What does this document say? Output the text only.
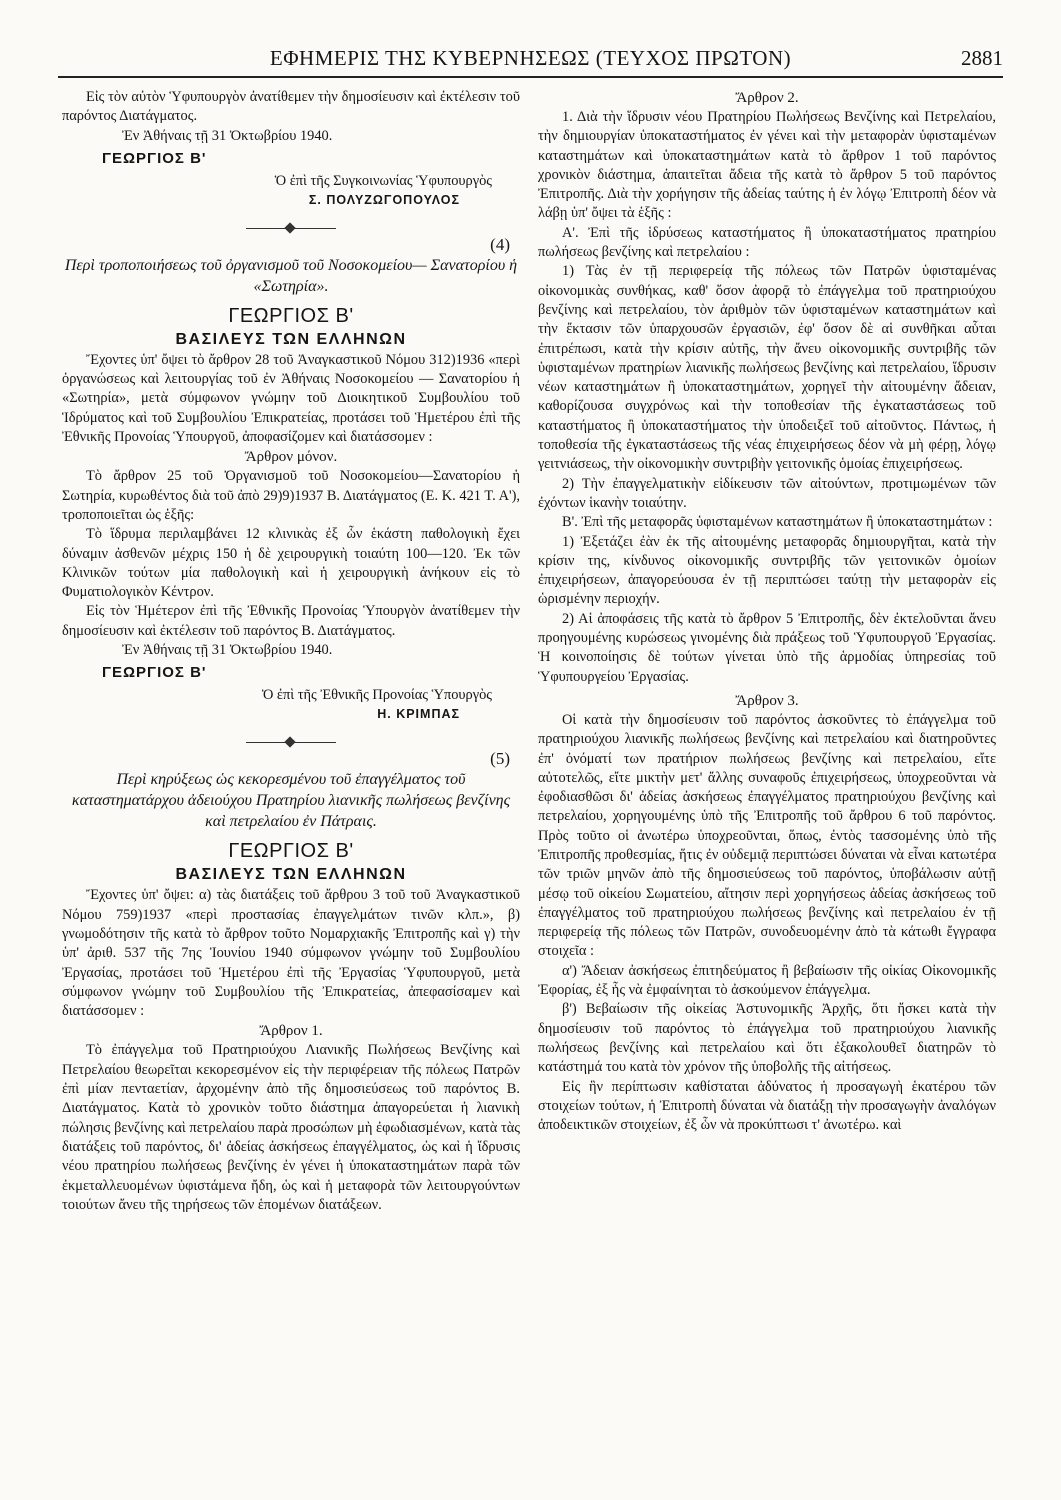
ΕΦΗΜΕΡΙΣ ΤΗΣ ΚΥΒΕΡΝΗΣΕΩΣ (ΤΕΥΧΟΣ ΠΡΩΤΟΝ)	2881

Εἰς τὸν αὐτὸν Ὑφυπουργὸν ἀνατίθεμεν τὴν δημοσίευσιν καὶ ἐκτέλεσιν τοῦ παρόντος Διατάγματος.

Ἐν Ἀθήναις τῇ 31 Ὀκτωβρίου 1940.

ΓΕΩΡΓΙΟΣ Β'
Ὁ ἐπὶ τῆς Συγκοινωνίας Ὑφυπουργὸς
Σ. ΠΟΛΥΖΩΓΟΠΟΥΛΟΣ
(4)
Περὶ τροποποιήσεως τοῦ ὀργανισμοῦ τοῦ Νοσοκομείου— Σανατορίου ἡ «Σωτηρία».
ΓΕΩΡΓΙΟΣ Β'
ΒΑΣΙΛΕΥΣ ΤΩΝ ΕΛΛΗΝΩΝ

Ἔχοντες ὑπ' ὄψει τὸ ἄρθρον 28 τοῦ Ἀναγκαστικοῦ Νόμου 312)1936 «περὶ ὀργανώσεως καὶ λειτουργίας τοῦ ἐν Ἀθήναις Νοσοκομείου — Σανατορίου ἡ «Σωτηρία», μετὰ σύμφωνον γνώμην τοῦ Διοικητικοῦ Συμβουλίου τοῦ Ἱδρύματος καὶ τοῦ Συμβουλίου Ἐπικρατείας, προτάσει τοῦ Ἡμετέρου ἐπὶ τῆς Ἐθνικῆς Προνοίας Ὑπουργοῦ, ἀποφασίζομεν καὶ διατάσσομεν :

Ἄρθρον μόνον.

Τὸ ἄρθρον 25 τοῦ Ὀργανισμοῦ τοῦ Νοσοκομείου—Σανατορίου ἡ Σωτηρία, κυρωθέντος διὰ τοῦ ἀπὸ 29)9)1937 Β. Διατάγματος (Ε. Κ. 421 Τ. Α'), τροποποιεῖται ὡς ἑξῆς:

Τὸ ἵδρυμα περιλαμβάνει 12 κλινικὰς ἐξ ὧν ἑκάστη παθολογικὴ ἔχει δύναμιν ἀσθενῶν μέχρις 150 ἡ δὲ χειρουργικὴ τοιαύτη 100—120. Ἐκ τῶν Κλινικῶν τούτων μία παθολογικὴ καὶ ἡ χειρουργικὴ ἀνήκουν εἰς τὸ Φυματιολογικὸν Κέντρον.

Εἰς τὸν Ἡμέτερον ἐπὶ τῆς Ἐθνικῆς Προνοίας Ὑπουργὸν ἀνατίθεμεν τὴν δημοσίευσιν καὶ ἐκτέλεσιν τοῦ παρόντος Β. Διατάγματος.

Ἐν Ἀθήναις τῇ 31 Ὀκτωβρίου 1940.

ΓΕΩΡΓΙΟΣ Β'
Ὁ ἐπὶ τῆς Ἐθνικῆς Προνοίας Ὑπουργὸς
Η. ΚΡΙΜΠΑΣ
(5)
Περὶ κηρύξεως ὡς κεκορεσμένου τοῦ ἐπαγγέλματος τοῦ καταστηματάρχου ἀδειούχου Πρατηρίου λιανικῆς πωλήσεως βενζίνης καὶ πετρελαίου ἐν Πάτραις.
ΓΕΩΡΓΙΟΣ Β'
ΒΑΣΙΛΕΥΣ ΤΩΝ ΕΛΛΗΝΩΝ

Ἔχοντες ὑπ' ὄψει: α) τὰς διατάξεις τοῦ ἄρθρου 3 τοῦ τοῦ Ἀναγκαστικοῦ Νόμου 759)1937 «περὶ προστασίας ἐπαγγελμάτων τινῶν κλπ.», β) γνωμοδότησιν τῆς κατὰ τὸ ἄρθρον τοῦτο Νομαρχιακῆς Ἐπιτροπῆς καὶ γ) τὴν ὑπ' ἀριθ. 537 τῆς 7ης Ἰουνίου 1940 σύμφωνον γνώμην τοῦ Συμβουλίου Ἐργασίας, προτάσει τοῦ Ἡμετέρου ἐπὶ τῆς Ἐργασίας Ὑφυπουργοῦ, μετὰ σύμφωνον γνώμην τοῦ Συμβουλίου τῆς Ἐπικρατείας, ἀπεφασίσαμεν καὶ διατάσσομεν :

Ἄρθρον 1.

Τὸ ἐπάγγελμα τοῦ Πρατηριούχου Λιανικῆς Πωλήσεως Βενζίνης καὶ Πετρελαίου θεωρεῖται κεκορεσμένον εἰς τὴν περιφέρειαν τῆς πόλεως Πατρῶν ἐπὶ μίαν πενταετίαν, ἀρχομένην ἀπὸ τῆς δημοσιεύσεως τοῦ παρόντος Β. Διατάγματος. Κατὰ τὸ χρονικὸν τοῦτο διάστημα ἀπαγορεύεται ἡ λιανικὴ πώλησις βενζίνης καὶ πετρελαίου παρὰ προσώπων μὴ ἐφωδιασμένων, κατὰ τὰς διατάξεις τοῦ παρόντος, δι' ἀδείας ἀσκήσεως ἐπαγγέλματος, ὡς καὶ ἡ ἵδρυσις νέου πρατηρίου πωλήσεως βενζίνης ἐν γένει ἡ ὑποκαταστημάτων παρὰ τῶν ἐκμεταλλευομένων ὑφιστάμενα ἤδη, ὡς καὶ ἡ μεταφορὰ τῶν λειτουργούντων τοιούτων ἄνευ τῆς τηρήσεως τῶν ἑπομένων διατάξεων.

Ἄρθρον 2.

1. Διὰ τὴν ἵδρυσιν νέου Πρατηρίου Πωλήσεως Βενζίνης καὶ Πετρελαίου, τὴν δημιουργίαν ὑποκαταστήματος ἐν γένει καὶ τὴν μεταφορὰν ὑφισταμένων καταστημάτων καὶ ὑποκαταστημάτων κατὰ τὸ ἄρθρον 1 τοῦ παρόντος χρονικὸν διάστημα, ἀπαιτεῖται ἄδεια τῆς κατὰ τὸ ἄρθρον 5 τοῦ παρόντος Ἐπιτροπῆς. Διὰ τὴν χορήγησιν τῆς ἀδείας ταύτης ἡ ἐν λόγῳ Ἐπιτροπὴ δέον νὰ λάβῃ ὑπ' ὄψει τὰ ἑξῆς :

Α'. Ἐπὶ τῆς ἱδρύσεως καταστήματος ἢ ὑποκαταστήματος πρατηρίου πωλήσεως βενζίνης καὶ πετρελαίου :

1) Τὰς ἐν τῇ περιφερείᾳ τῆς πόλεως τῶν Πατρῶν ὑφισταμένας οἰκονομικὰς συνθήκας, καθ' ὅσον ἀφορᾷ τὸ ἐπάγγελμα τοῦ πρατηριούχου βενζίνης καὶ πετρελαίου, τὸν ἀριθμὸν τῶν ὑφισταμένων καταστημάτων καὶ τὴν ἔκτασιν τῶν ὑπαρχουσῶν ἐργασιῶν, ἐφ' ὅσον δὲ αἱ συνθῆκαι αὗται ἐπιτρέπωσι, κατὰ τὴν κρίσιν αὐτῆς, τὴν ἄνευ οἰκονομικῆς συντριβῆς τῶν ὑφισταμένων πρατηρίων λιανικῆς πωλήσεως βενζίνης καὶ πετρελαίου, ἵδρυσιν νέων καταστημάτων ἢ ὑποκαταστημάτων, χορηγεῖ τὴν αἰτουμένην ἄδειαν, καθορίζουσα συγχρόνως καὶ τὴν τοποθεσίαν τῆς ἐγκαταστάσεως τοῦ καταστήματος ἢ ὑποκαταστήματος τὴν ὑποδειξεῖ τοῦ αἰτοῦντος. Πάντως, ἡ τοποθεσία τῆς ἐγκαταστάσεως τῆς νέας ἐπιχειρήσεως δέον νὰ μὴ φέρῃ, λόγῳ γειτνιάσεως, τὴν οἰκονομικὴν συντριβὴν γειτονικῆς ὁμοίας ἐπιχειρήσεως.

2) Τὴν ἐπαγγελματικὴν εἰδίκευσιν τῶν αἰτούντων, προτιμωμένων τῶν ἐχόντων ἱκανὴν τοιαύτην.

Β'. Ἐπὶ τῆς μεταφορᾶς ὑφισταμένων καταστημάτων ἢ ὑποκαταστημάτων :

1) Ἐξετάζει ἐὰν ἐκ τῆς αἰτουμένης μεταφορᾶς δημιουργῆται, κατὰ τὴν κρίσιν της, κίνδυνος οἰκονομικῆς συντριβῆς τῶν γειτονικῶν ὁμοίων ἐπιχειρήσεων, ἀπαγορεύουσα ἐν τῇ περιπτώσει ταύτῃ τὴν μεταφορὰν εἰς ὡρισμένην περιοχήν.

2) Αἱ ἀποφάσεις τῆς κατὰ τὸ ἄρθρον 5 Ἐπιτροπῆς, δὲν ἐκτελοῦνται ἄνευ προηγουμένης κυρώσεως γινομένης διὰ πράξεως τοῦ Ὑφυπουργοῦ Ἐργασίας. Ἡ κοινοποίησις δὲ τούτων γίνεται ὑπὸ τῆς ἁρμοδίας ὑπηρεσίας τοῦ Ὑφυπουργείου Ἐργασίας.

Ἄρθρον 3.

Οἱ κατὰ τὴν δημοσίευσιν τοῦ παρόντος ἀσκοῦντες τὸ ἐπάγγελμα τοῦ πρατηριούχου λιανικῆς πωλήσεως βενζίνης καὶ πετρελαίου καὶ διατηροῦντες ἐπ' ὀνόματί των πρατήριον πωλήσεως βενζίνης καὶ πετρελαίου, εἴτε αὐτοτελῶς, εἴτε μικτὴν μετ' ἄλλης συναφοῦς ἐπιχειρήσεως, ὑποχρεοῦνται νὰ ἐφοδιασθῶσι δι' ἀδείας ἀσκήσεως ἐπαγγέλματος πρατηριούχου βενζίνης καὶ πετρελαίου, χορηγουμένης ὑπὸ τῆς Ἐπιτροπῆς τοῦ ἄρθρου 6 τοῦ παρόντος. Πρὸς τοῦτο οἱ ἀνωτέρω ὑποχρεοῦνται, ὅπως, ἐντὸς τασσομένης ὑπὸ τῆς Ἐπιτροπῆς προθεσμίας, ἥτις ἐν οὐδεμιᾷ περιπτώσει δύναται νὰ εἶναι κατωτέρα τῶν τριῶν μηνῶν ἀπὸ τῆς δημοσιεύσεως τοῦ παρόντος, ὑποβάλωσιν αὐτῇ μέσῳ τοῦ οἰκείου Σωματείου, αἴτησιν περὶ χορηγήσεως ἀδείας ἀσκήσεως τοῦ ἐπαγγέλματος τοῦ πρατηριούχου πωλήσεως βενζίνης καὶ πετρελαίου ἐν τῇ περιφερείᾳ τῆς πόλεως τῶν Πατρῶν, συνοδευομένην ἀπὸ τὰ κάτωθι ἔγγραφα στοιχεῖα :

α') Ἄδειαν ἀσκήσεως ἐπιτηδεύματος ἢ βεβαίωσιν τῆς οἰκίας Οἰκονομικῆς Ἐφορίας, ἐξ ἧς νὰ ἐμφαίνηται τὸ ἀσκούμενον ἐπάγγελμα.

β') Βεβαίωσιν τῆς οἰκείας Ἀστυνομικῆς Ἀρχῆς, ὅτι ἤσκει κατὰ τὴν δημοσίευσιν τοῦ παρόντος τὸ ἐπάγγελμα τοῦ πρατηριούχου λιανικῆς πωλήσεως βενζίνης καὶ πετρελαίου καὶ ὅτι ἐξακολουθεῖ διατηρῶν τὸ κατάστημά του κατὰ τὸν χρόνον τῆς ὑποβολῆς τῆς αἰτήσεως.

Εἰς ἣν περίπτωσιν καθίσταται ἀδύνατος ἡ προσαγωγὴ ἑκατέρου τῶν στοιχείων τούτων, ἡ Ἐπιτροπὴ δύναται νὰ διατάξῃ τὴν προσαγωγὴν ἀναλόγων ἀποδεικτικῶν στοιχείων, ἐξ ὧν νὰ προκύπτωσι τ' ἀνωτέρω. καὶ
